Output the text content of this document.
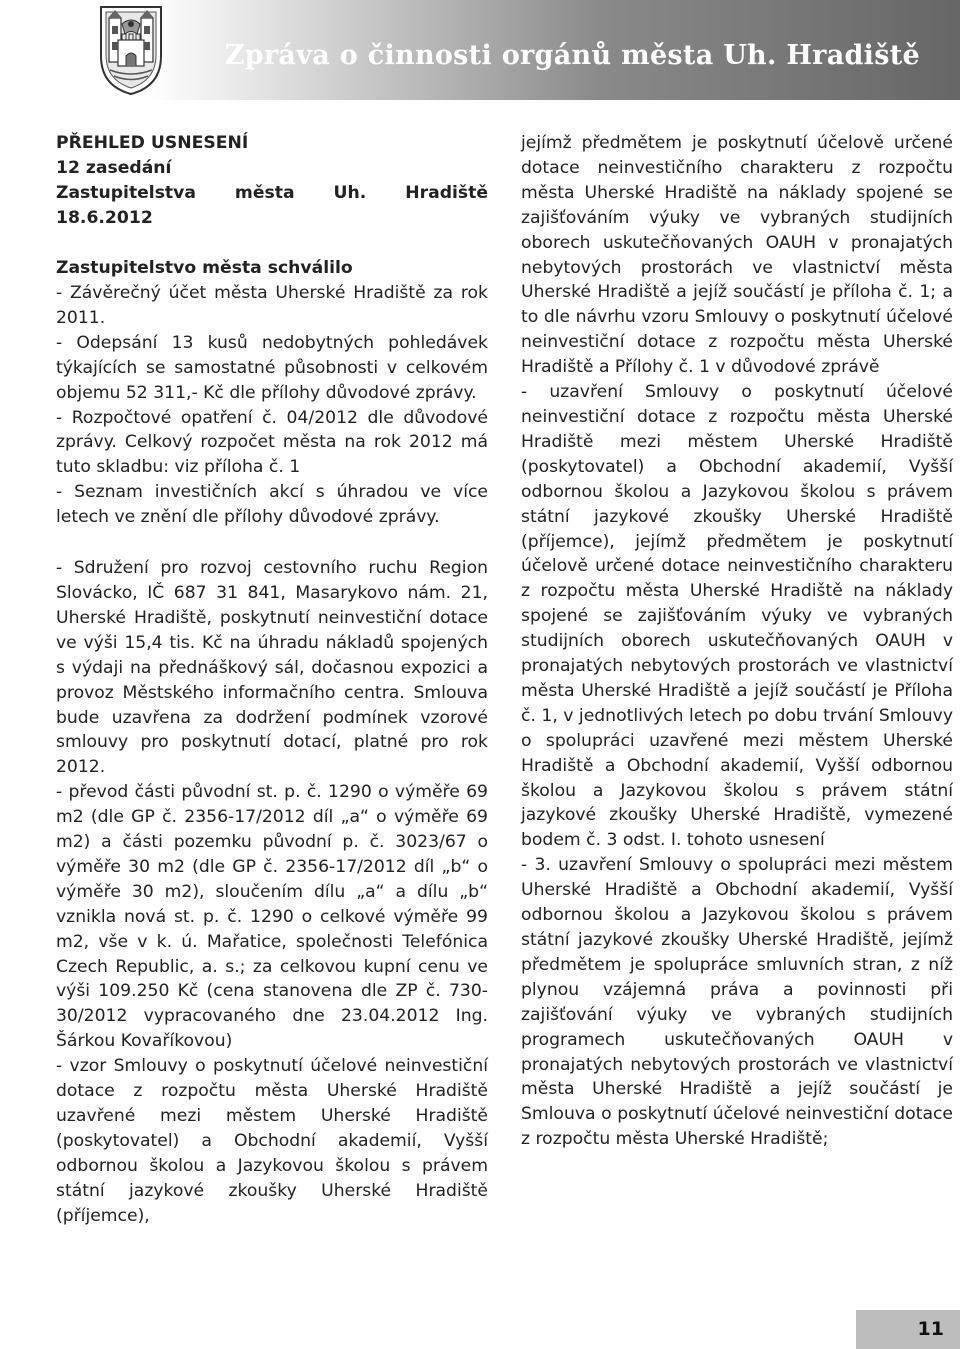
Zpráva o činnosti orgánů města Uh. Hradiště
PŘEHLED USNESENÍ
12 zasedání
Zastupitelstva města Uh. Hradiště 18.6.2012

Zastupitelstvo města schválilo

- Závěrečný účet města Uherské Hradiště za rok 2011.

- Odepsání 13 kusů nedobytných pohledávek týkajících se samostatné působnosti v celkovém objemu 52 311,- Kč dle přílohy důvodové zprávy.

- Rozpočtové opatření č. 04/2012 dle důvodové zprávy. Celkový rozpočet města na rok 2012 má tuto skladbu: viz příloha č. 1

- Seznam investičních akcí s úhradou ve více letech ve znění dle přílohy důvodové zprávy.

- Sdružení pro rozvoj cestovního ruchu Region Slovácko, IČ 687 31 841, Masarykovo nám. 21, Uherské Hradiště, poskytnutí neinvestiční dotace ve výši 15,4 tis. Kč na úhradu nákladů spojených s výdaji na přednáškový sál, dočasnou expozici a provoz Městského informačního centra. Smlouva bude uzavřena za dodržení podmínek vzorové smlouvy pro poskytnutí dotací, platné pro rok 2012.

- převod části původní st. p. č. 1290 o výměře 69 m2 (dle GP č. 2356-17/2012 díl „a“ o výměře 69 m2) a části pozemku původní p. č. 3023/67 o výměře 30 m2 (dle GP č. 2356-17/2012 díl „b“ o výměře 30 m2), sloučením dílu „a“ a dílu „b“ vznikla nová st. p. č. 1290 o celkové výměře 99 m2, vše v k. ú. Mařatice, společnosti Telefónica Czech Republic, a. s.; za celkovou kupní cenu ve výši 109.250 Kč (cena stanovena dle ZP č. 730-30/2012 vypracovaného dne 23.04.2012 Ing. Šárkou Kovaříkovou)

- vzor Smlouvy o poskytnutí účelové neinvestiční dotace z rozpočtu města Uherské Hradiště uzavřené mezi městem Uherské Hradiště (poskytovatel) a Obchodní akademií, Vyšší odbornou školou a Jazykovou školou s právem státní jazykové zkoušky Uherské Hradiště (příjemce),

jejímž předmětem je poskytnutí účelově určené dotace neinvestičního charakteru z rozpočtu města Uherské Hradiště na náklady spojené se zajišťováním výuky ve vybraných studijních oborech uskutečňovaných OAUH v pronajatých nebytových prostorách ve vlastnictví města Uherské Hradiště a jejíž součástí je příloha č. 1; a to dle návrhu vzoru Smlouvy o poskytnutí účelové neinvestiční dotace z rozpočtu města Uherské Hradiště a Přílohy č. 1 v důvodové zprávě

- uzavření Smlouvy o poskytnutí účelové neinvestiční dotace z rozpočtu města Uherské Hradiště mezi městem Uherské Hradiště (poskytovatel) a Obchodní akademií, Vyšší odbornou školou a Jazykovou školou s právem státní jazykové zkoušky Uherské Hradiště (příjemce), jejímž předmětem je poskytnutí účelově určené dotace neinvestičního charakteru z rozpočtu města Uherské Hradiště na náklady spojené se zajišťováním výuky ve vybraných studijních oborech uskutečňovaných OAUH v pronajatých nebytových prostorách ve vlastnictví města Uherské Hradiště a jejíž součástí je Příloha č. 1, v jednotlivých letech po dobu trvání Smlouvy o spolupráci uzavřené mezi městem Uherské Hradiště a Obchodní akademií, Vyšší odbornou školou a Jazykovou školou s právem státní jazykové zkoušky Uherské Hradiště, vymezené bodem č. 3 odst. I. tohoto usnesení

- 3. uzavření Smlouvy o spolupráci mezi městem Uherské Hradiště a Obchodní akademií, Vyšší odbornou školou a Jazykovou školou s právem státní jazykové zkoušky Uherské Hradiště, jejímž předmětem je spolupráce smluvních stran, z níž plynou vzájemná práva a povinnosti při zajišťování výuky ve vybraných studijních programech uskutečňovaných OAUH v pronajatých nebytových prostorách ve vlastnictví města Uherské Hradiště a jejíž součástí je Smlouva o poskytnutí účelové neinvestiční dotace z rozpočtu města Uherské Hradiště;

11
